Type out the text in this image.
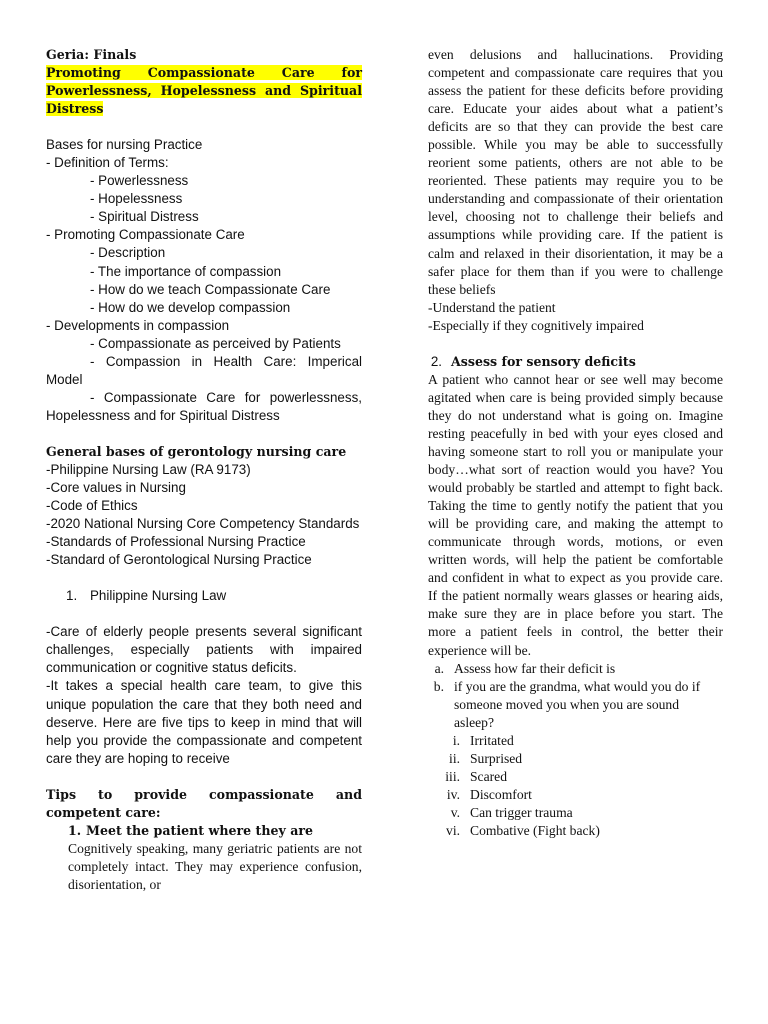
Geria: Finals

Promoting Compassionate Care for Powerlessness, Hopelessness and Spiritual Distress

Bases for nursing Practice

- Definition of Terms:

- Powerlessness

- Hopelessness

- Spiritual Distress

- Promoting Compassionate Care

- Description

- The importance of compassion

- How do we teach Compassionate Care

- How do we develop compassion

- Developments in compassion

- Compassionate as perceived by Patients

- Compassion in Health Care: Imperical Model

- Compassionate Care for powerlessness, Hopelessness and for Spiritual Distress

General bases of gerontology nursing care

-Philippine Nursing Law (RA 9173)

-Core values in Nursing

-Code of Ethics

-2020 National Nursing Core Competency Standards

-Standards of Professional Nursing Practice

-Standard of Gerontological Nursing Practice

1. Philippine Nursing Law

-Care of elderly people presents several significant challenges, especially patients with impaired communication or cognitive status deficits.

-It takes a special health care team, to give this unique population the care that they both need and deserve. Here are five tips to keep in mind that will help you provide the compassionate and competent care they are hoping to receive

Tips to provide compassionate and competent care:

1. Meet the patient where they are

Cognitively speaking, many geriatric patients are not completely intact. They may experience confusion, disorientation, or

even delusions and hallucinations. Providing competent and compassionate care requires that you assess the patient for these deficits before providing care. Educate your aides about what a patient’s deficits are so that they can provide the best care possible. While you may be able to successfully reorient some patients, others are not able to be reoriented. These patients may require you to be understanding and compassionate of their orientation level, choosing not to challenge their beliefs and assumptions while providing care. If the patient is calm and relaxed in their disorientation, it may be a safer place for them than if you were to challenge these beliefs

-Understand the patient

-Especially if they cognitively impaired

2. Assess for sensory deficits

A patient who cannot hear or see well may become agitated when care is being provided simply because they do not understand what is going on. Imagine resting peacefully in bed with your eyes closed and having someone start to roll you or manipulate your body…what sort of reaction would you have? You would probably be startled and attempt to fight back. Taking the time to gently notify the patient that you will be providing care, and making the attempt to communicate through words, motions, or even written words, will help the patient be comfortable and confident in what to expect as you provide care. If the patient normally wears glasses or hearing aids, make sure they are in place before you start. The more a patient feels in control, the better their experience will be.

a. Assess how far their deficit is
b. if you are the grandma, what would you do if someone moved you when you are sound asleep?
i. Irritated
ii. Surprised
iii. Scared
iv. Discomfort
v. Can trigger trauma
vi. Combative (Fight back)
